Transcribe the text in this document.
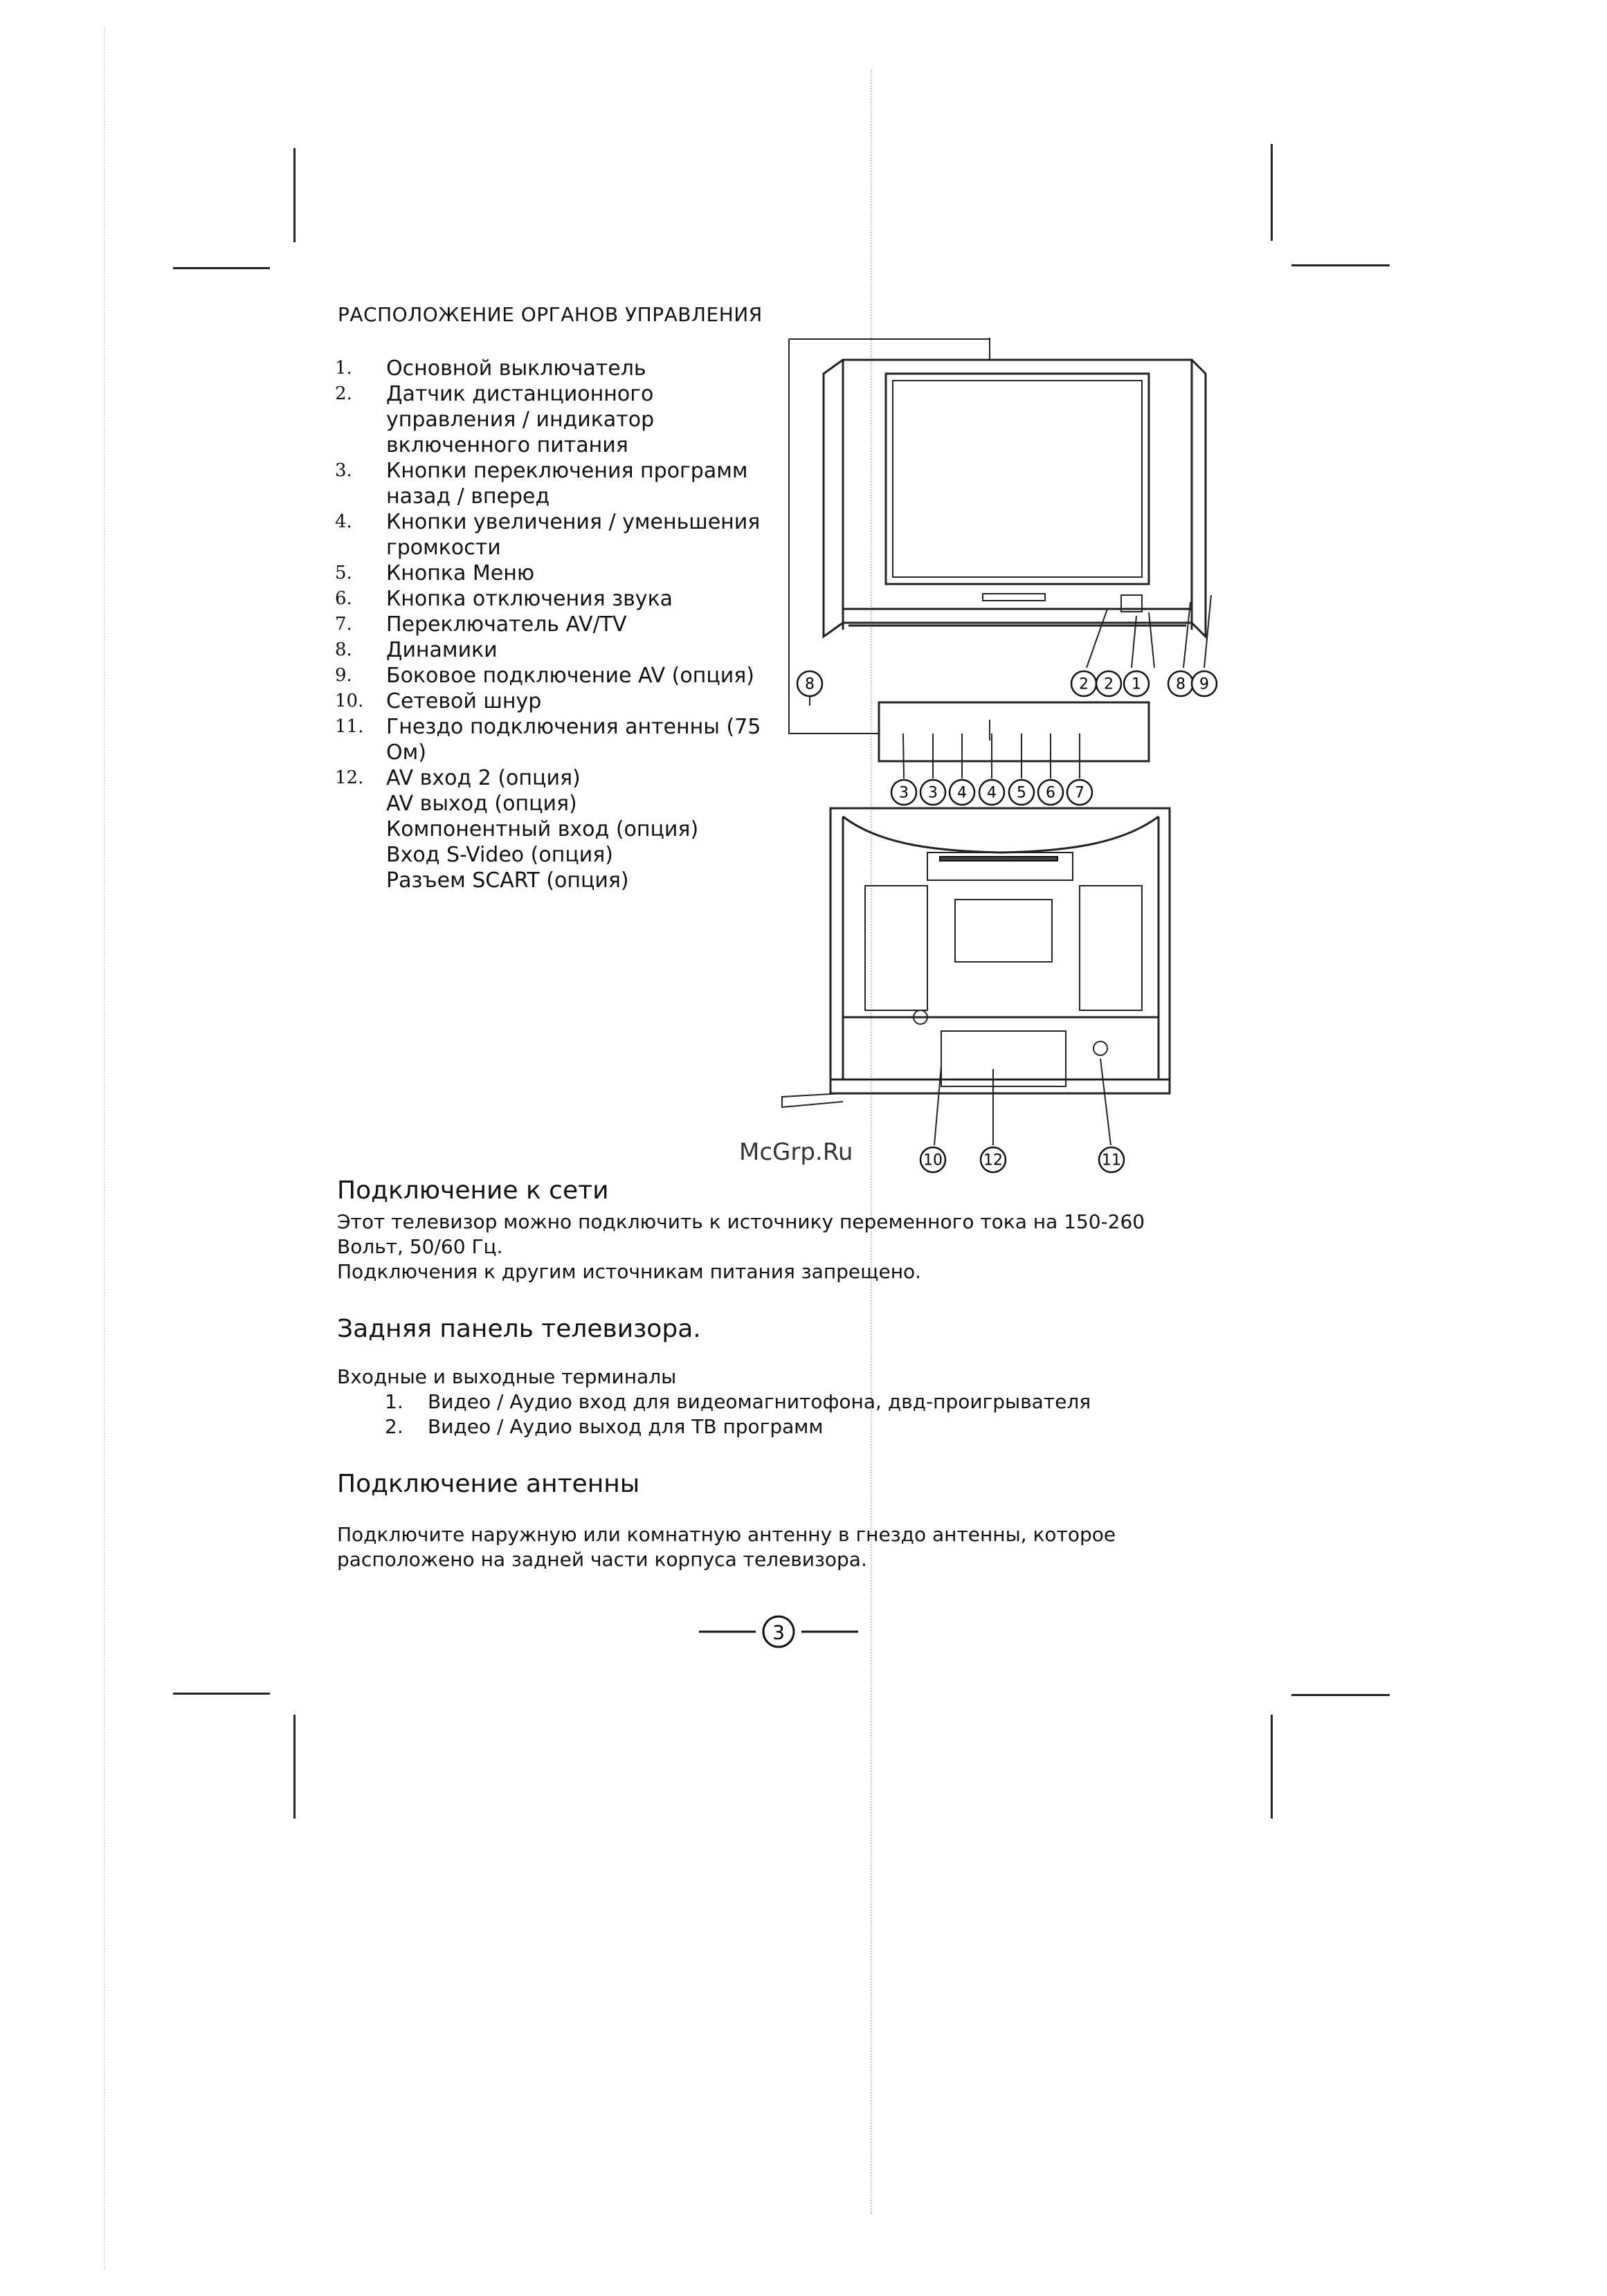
РАСПОЛОЖЕНИЕ ОРГАНОВ УПРАВЛЕНИЯ
1. Основной выключатель
2. Датчик дистанционного
управления / индикатор
включенного питания
3. Кнопки переключения программ
назад / вперед
4. Кнопки увеличения / уменьшения
громкости
5. Кнопка Меню
6. Кнопка отключения звука
7. Переключатель AV/TV
8. Динамики
9. Боковое подключение AV (опция)
10. Сетевой шнур
11. Гнездо подключения антенны (75
Ом)
12. AV вход 2 (опция)
AV выход (опция)
Компонентный вход (опция)
Вход S-Video (опция)
Разъем SCART (опция)
8	2 2 1 8 9
3 3 4 4 5 6 7
10	12	11
McGrp.Ru
Подключение к сети
Этот телевизор можно подключить к источнику переменного тока на 150-260
Вольт, 50/60 Гц.
Подключения к другим источникам питания запрещено.
Задняя панель телевизора.
Входные и выходные терминалы
1. Видео / Аудио вход для видеомагнитофона, двд-проигрывателя
2. Видео / Аудио выход для ТВ программ
Подключение антенны
Подключите наружную или комнатную антенну в гнездо антенны, которое
расположено на задней части корпуса телевизора.
3
